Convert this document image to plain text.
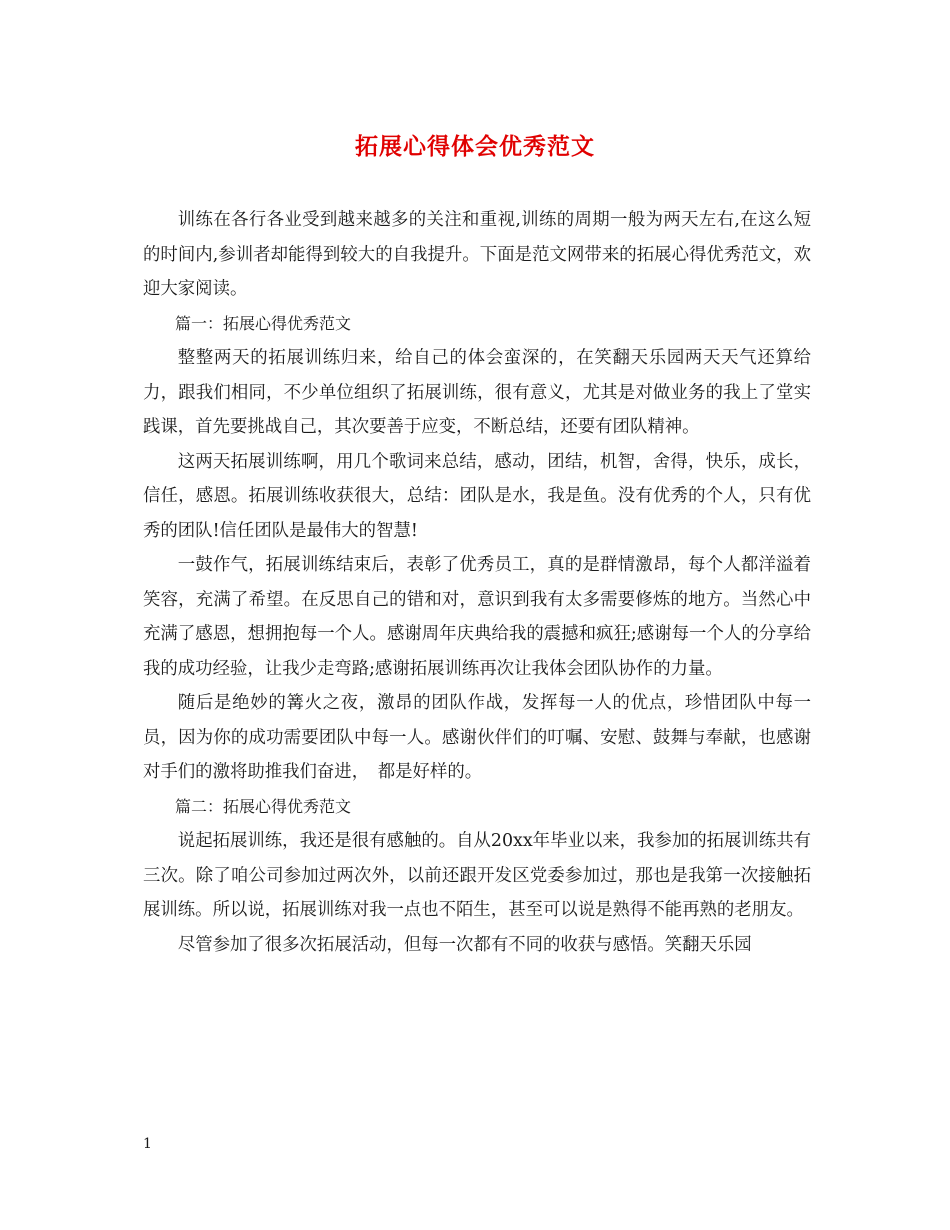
拓展心得体会优秀范文

训练在各行各业受到越来越多的关注和重视,训练的周期一般为两天左右,在这么短的时间内,参训者却能得到较大的自我提升。下面是范文网带来的拓展心得优秀范文，欢迎大家阅读。

篇一：拓展心得优秀范文

整整两天的拓展训练归来，给自己的体会蛮深的，在笑翻天乐园两天天气还算给力，跟我们相同，不少单位组织了拓展训练，很有意义，尤其是对做业务的我上了堂实践课，首先要挑战自己，其次要善于应变，不断总结，还要有团队精神。

这两天拓展训练啊，用几个歌词来总结，感动，团结，机智，舍得，快乐，成长，信任，感恩。拓展训练收获很大，总结：团队是水，我是鱼。没有优秀的个人，只有优秀的团队!信任团队是最伟大的智慧!

一鼓作气，拓展训练结束后，表彰了优秀员工，真的是群情激昂，每个人都洋溢着笑容，充满了希望。在反思自己的错和对，意识到我有太多需要修炼的地方。当然心中充满了感恩，想拥抱每一个人。感谢周年庆典给我的震撼和疯狂;感谢每一个人的分享给我的成功经验，让我少走弯路;感谢拓展训练再次让我体会团队协作的力量。

随后是绝妙的篝火之夜，激昂的团队作战，发挥每一人的优点，珍惜团队中每一员，因为你的成功需要团队中每一人。感谢伙伴们的叮嘱、安慰、鼓舞与奉献，也感谢对手们的激将助推我们奋进，　都是好样的。

篇二：拓展心得优秀范文

说起拓展训练，我还是很有感触的。自从20xx年毕业以来，我参加的拓展训练共有三次。除了咱公司参加过两次外，以前还跟开发区党委参加过，那也是我第一次接触拓展训练。所以说，拓展训练对我一点也不陌生，甚至可以说是熟得不能再熟的老朋友。

尽管参加了很多次拓展活动，但每一次都有不同的收获与感悟。笑翻天乐园

1
